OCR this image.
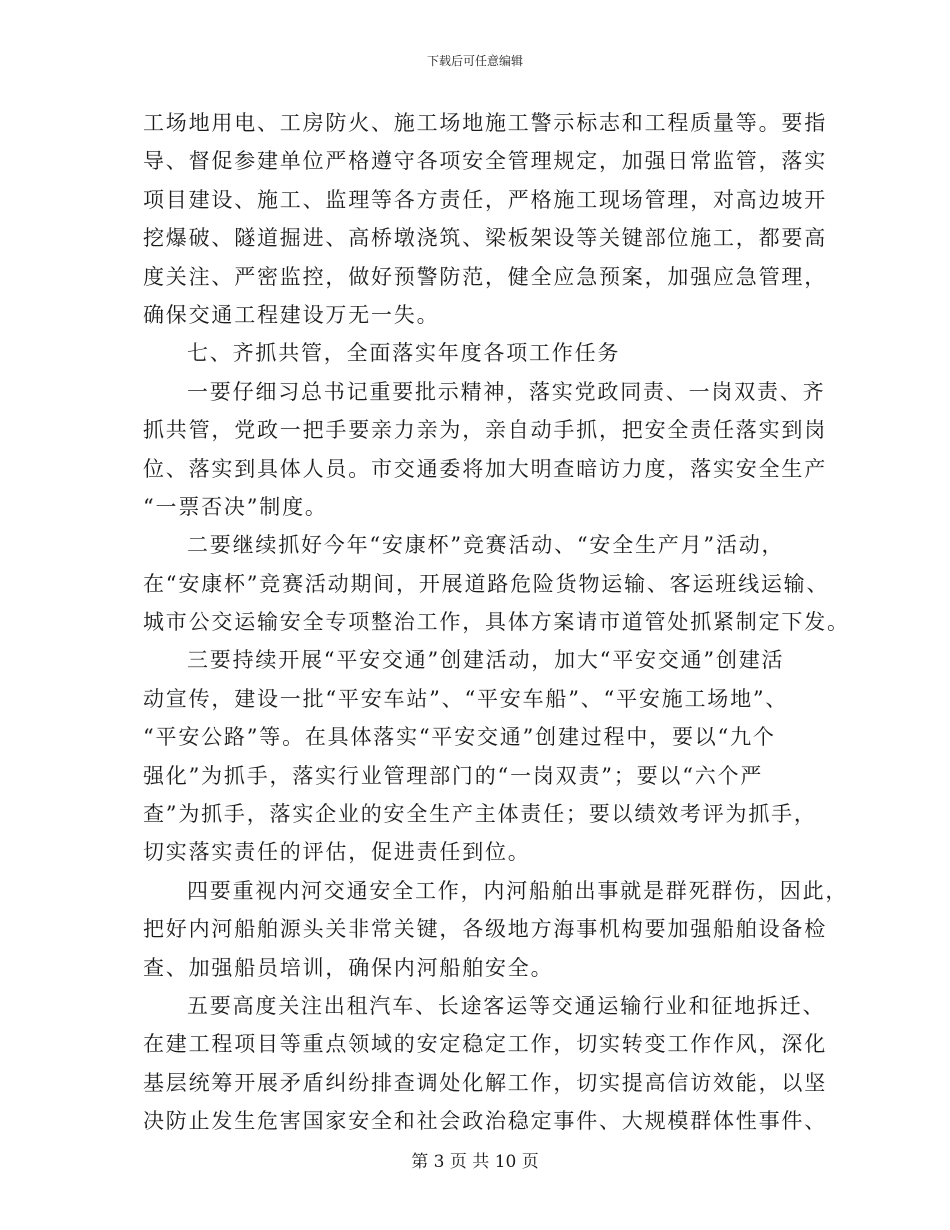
下载后可任意编辑
工场地用电、工房防火、施工场地施工警示标志和工程质量等。要指
导、督促参建单位严格遵守各项安全管理规定，加强日常监管，落实
项目建设、施工、监理等各方责任，严格施工现场管理，对高边坡开
挖爆破、隧道掘进、高桥墩浇筑、梁板架设等关键部位施工，都要高
度关注、严密监控，做好预警防范，健全应急预案，加强应急管理，
确保交通工程建设万无一失。
七、齐抓共管，全面落实年度各项工作任务
一要仔细习总书记重要批示精神，落实党政同责、一岗双责、齐
抓共管，党政一把手要亲力亲为，亲自动手抓，把安全责任落实到岗
位、落实到具体人员。市交通委将加大明查暗访力度，落实安全生产
“一票否决”制度。
二要继续抓好今年“安康杯”竞赛活动、“安全生产月”活动，
在“安康杯”竞赛活动期间，开展道路危险货物运输、客运班线运输、
城市公交运输安全专项整治工作，具体方案请市道管处抓紧制定下发。
三要持续开展“平安交通”创建活动，加大“平安交通”创建活
动宣传，建设一批“平安车站”、“平安车船”、“平安施工场地”、
“平安公路”等。在具体落实“平安交通”创建过程中，要以“九个
强化”为抓手，落实行业管理部门的“一岗双责”；要以“六个严
查”为抓手，落实企业的安全生产主体责任；要以绩效考评为抓手，
切实落实责任的评估，促进责任到位。
四要重视内河交通安全工作，内河船舶出事就是群死群伤，因此，
把好内河船舶源头关非常关键，各级地方海事机构要加强船舶设备检
查、加强船员培训，确保内河船舶安全。
五要高度关注出租汽车、长途客运等交通运输行业和征地拆迁、
在建工程项目等重点领域的安定稳定工作，切实转变工作作风，深化
基层统筹开展矛盾纠纷排查调处化解工作，切实提高信访效能，以坚
决防止发生危害国家安全和社会政治稳定事件、大规模群体性事件、
第 3 页 共 10 页
